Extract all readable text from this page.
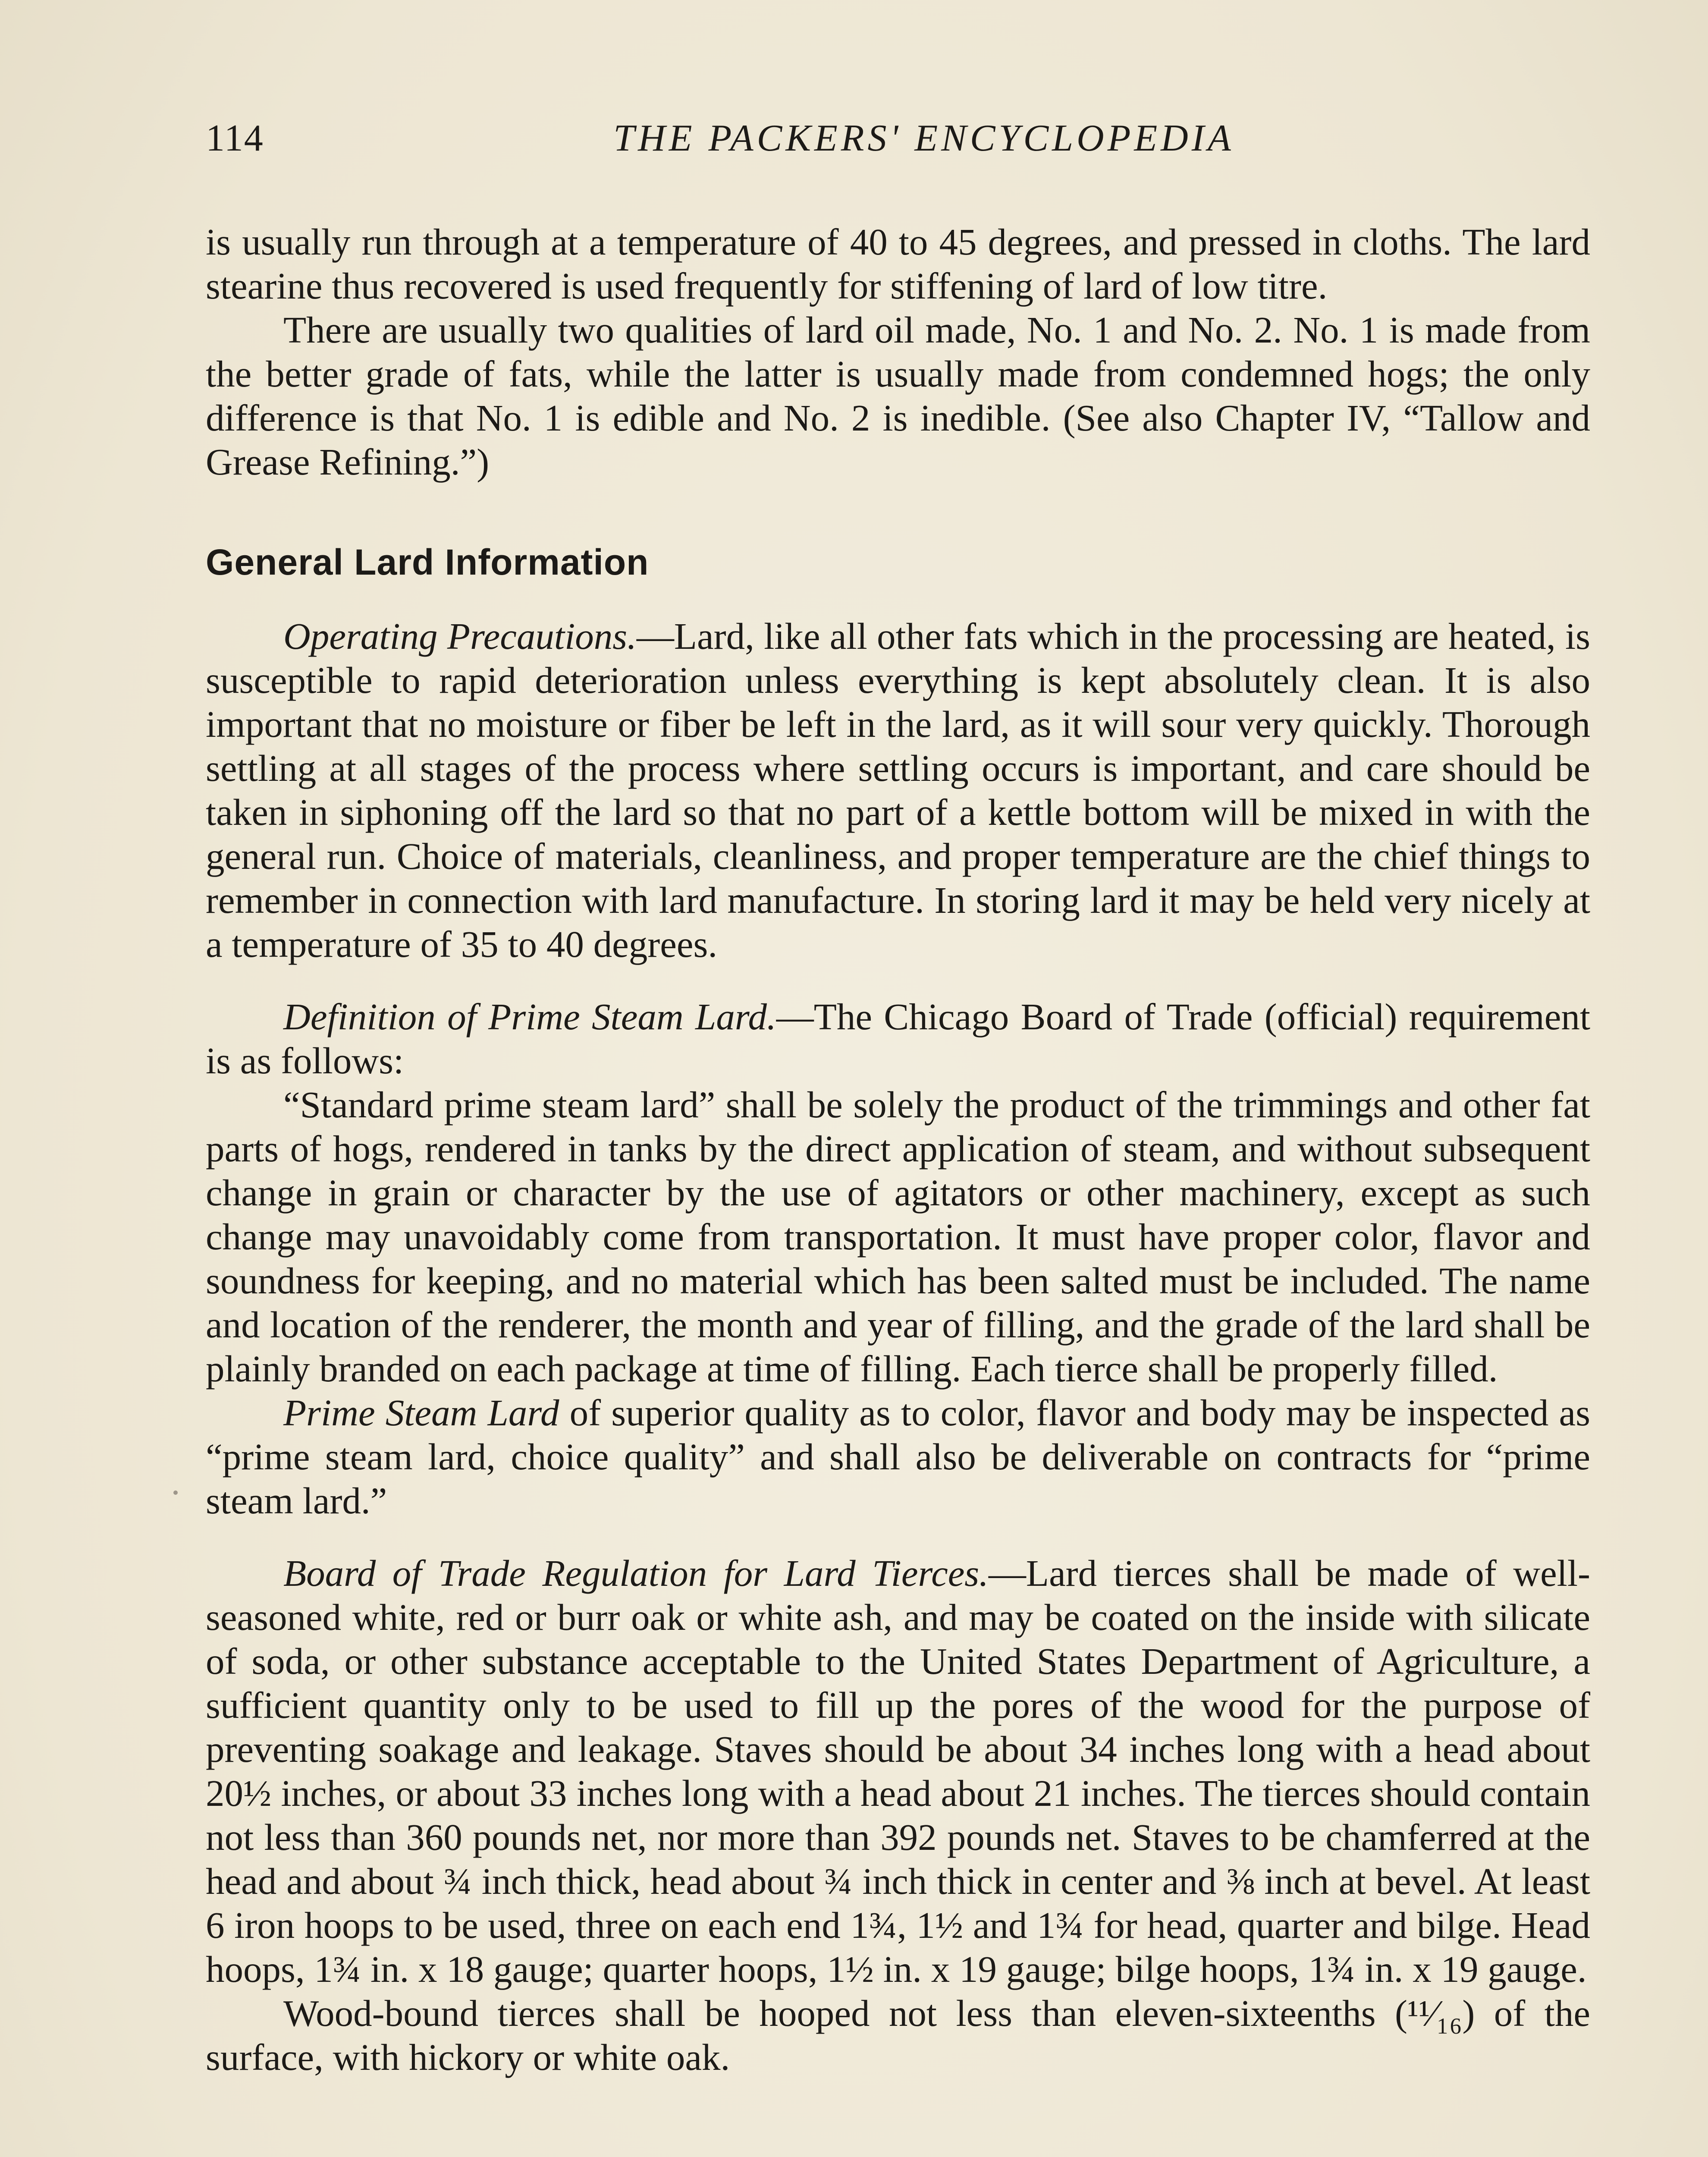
114	THE PACKERS' ENCYCLOPEDIA

is usually run through at a temperature of 40 to 45 degrees, and pressed in cloths. The lard stearine thus recovered is used frequently for stiffening of lard of low titre.

There are usually two qualities of lard oil made, No. 1 and No. 2. No. 1 is made from the better grade of fats, while the latter is usually made from condemned hogs; the only difference is that No. 1 is edible and No. 2 is inedible. (See also Chapter IV, “Tallow and Grease Refining.”)

General Lard Information

Operating Precautions.—Lard, like all other fats which in the processing are heated, is susceptible to rapid deterioration unless everything is kept absolutely clean. It is also important that no moisture or fiber be left in the lard, as it will sour very quickly. Thorough settling at all stages of the process where settling occurs is important, and care should be taken in siphoning off the lard so that no part of a kettle bottom will be mixed in with the general run. Choice of materials, cleanliness, and proper temperature are the chief things to remember in connection with lard manufacture. In storing lard it may be held very nicely at a temperature of 35 to 40 degrees.

Definition of Prime Steam Lard.—The Chicago Board of Trade (official) requirement is as follows:

“Standard prime steam lard” shall be solely the product of the trimmings and other fat parts of hogs, rendered in tanks by the direct application of steam, and without subsequent change in grain or character by the use of agitators or other machinery, except as such change may unavoidably come from transportation. It must have proper color, flavor and soundness for keeping, and no material which has been salted must be included. The name and location of the renderer, the month and year of filling, and the grade of the lard shall be plainly branded on each package at time of filling. Each tierce shall be properly filled.

Prime Steam Lard of superior quality as to color, flavor and body may be inspected as “prime steam lard, choice quality” and shall also be deliverable on contracts for “prime steam lard.”

Board of Trade Regulation for Lard Tierces.—Lard tierces shall be made of well-seasoned white, red or burr oak or white ash, and may be coated on the inside with silicate of soda, or other substance acceptable to the United States Department of Agriculture, a sufficient quantity only to be used to fill up the pores of the wood for the purpose of preventing soakage and leakage. Staves should be about 34 inches long with a head about 20½ inches, or about 33 inches long with a head about 21 inches. The tierces should contain not less than 360 pounds net, nor more than 392 pounds net. Staves to be chamferred at the head and about ¾ inch thick, head about ¾ inch thick in center and ⅜ inch at bevel. At least 6 iron hoops to be used, three on each end 1¾, 1½ and 1¾ for head, quarter and bilge. Head hoops, 1¾ in. x 18 gauge; quarter hoops, 1½ in. x 19 gauge; bilge hoops, 1¾ in. x 19 gauge.

Wood-bound tierces shall be hooped not less than eleven-sixteenths (¹¹⁄₁₆) of the surface, with hickory or white oak.
